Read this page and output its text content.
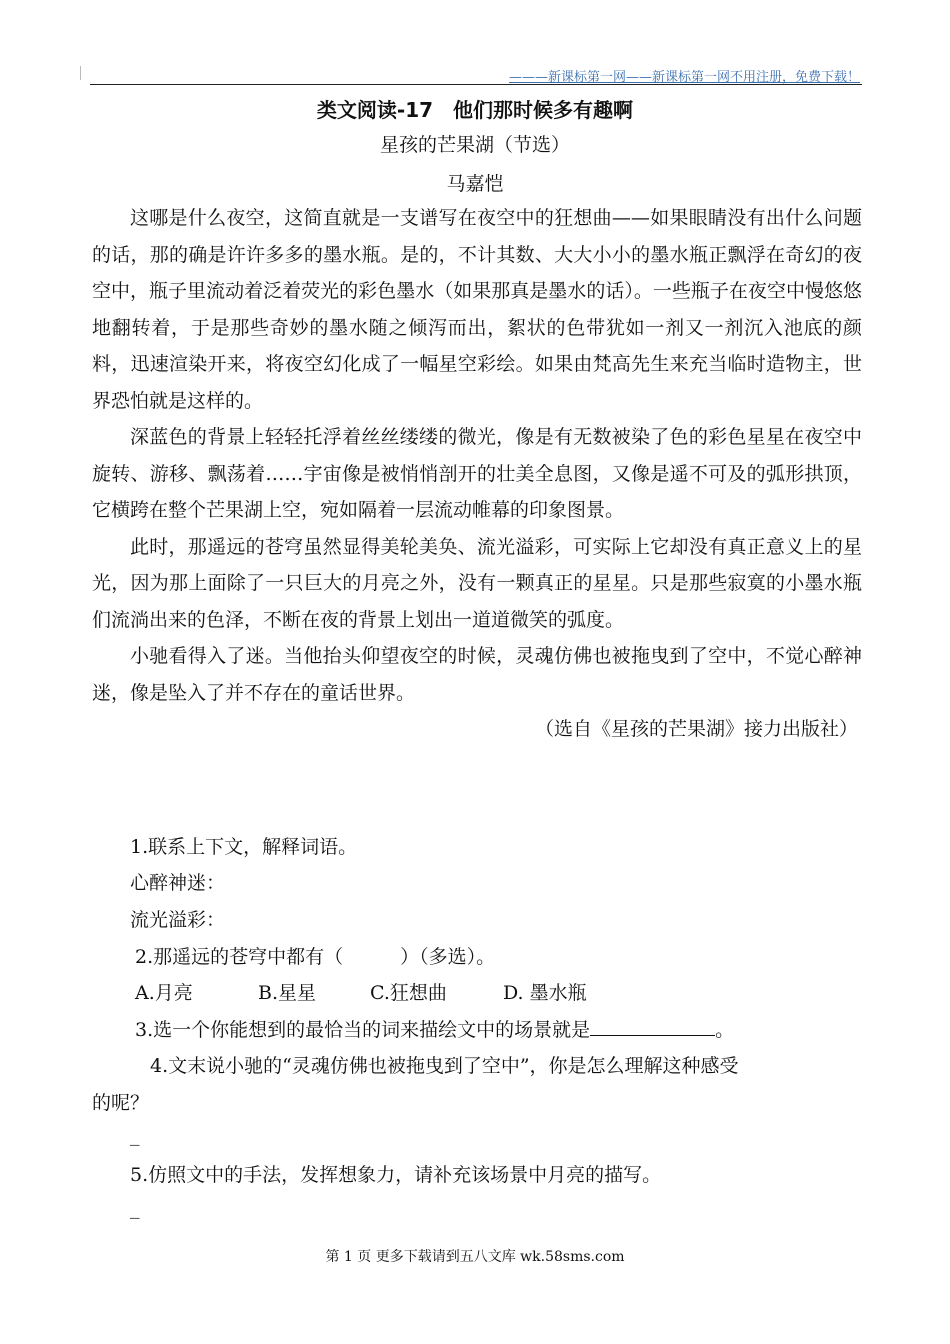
———新课标第一网——新课标第一网不用注册，免费下载！
类文阅读-17　他们那时候多有趣啊
星孩的芒果湖（节选）
马嘉恺

这哪是什么夜空，这简直就是一支谱写在夜空中的狂想曲——如果眼睛没有出什么问题的话，那的确是许许多多的墨水瓶。是的，不计其数、大大小小的墨水瓶正飘浮在奇幻的夜空中，瓶子里流动着泛着荧光的彩色墨水（如果那真是墨水的话）。一些瓶子在夜空中慢悠悠地翻转着，于是那些奇妙的墨水随之倾泻而出，絮状的色带犹如一剂又一剂沉入池底的颜料，迅速渲染开来，将夜空幻化成了一幅星空彩绘。如果由梵高先生来充当临时造物主，世界恐怕就是这样的。

深蓝色的背景上轻轻托浮着丝丝缕缕的微光，像是有无数被染了色的彩色星星在夜空中旋转、游移、飘荡着……宇宙像是被悄悄剖开的壮美全息图，又像是遥不可及的弧形拱顶，它横跨在整个芒果湖上空，宛如隔着一层流动帷幕的印象图景。

此时，那遥远的苍穹虽然显得美轮美奂、流光溢彩，可实际上它却没有真正意义上的星光，因为那上面除了一只巨大的月亮之外，没有一颗真正的星星。只是那些寂寞的小墨水瓶们流淌出来的色泽，不断在夜的背景上划出一道道微笑的弧度。

小驰看得入了迷。当他抬头仰望夜空的时候，灵魂仿佛也被拖曳到了空中，不觉心醉神迷，像是坠入了并不存在的童话世界。

（选自《星孩的芒果湖》接力出版社）

1.联系上下文，解释词语。
心醉神迷：
流光溢彩：
2.那遥远的苍穹中都有（　　　）（多选）。
A.月亮	B.星星	C.狂想曲	D. 墨水瓶
3.选一个你能想到的最恰当的词来描绘文中的场景就是	。
4.文末说小驰的“灵魂仿佛也被拖曳到了空中”，你是怎么理解这种感受
的呢？
_
5.仿照文中的手法，发挥想象力，请补充该场景中月亮的描写。
_
第 1 页 更多下载请到五八文库 wk.58sms.com
